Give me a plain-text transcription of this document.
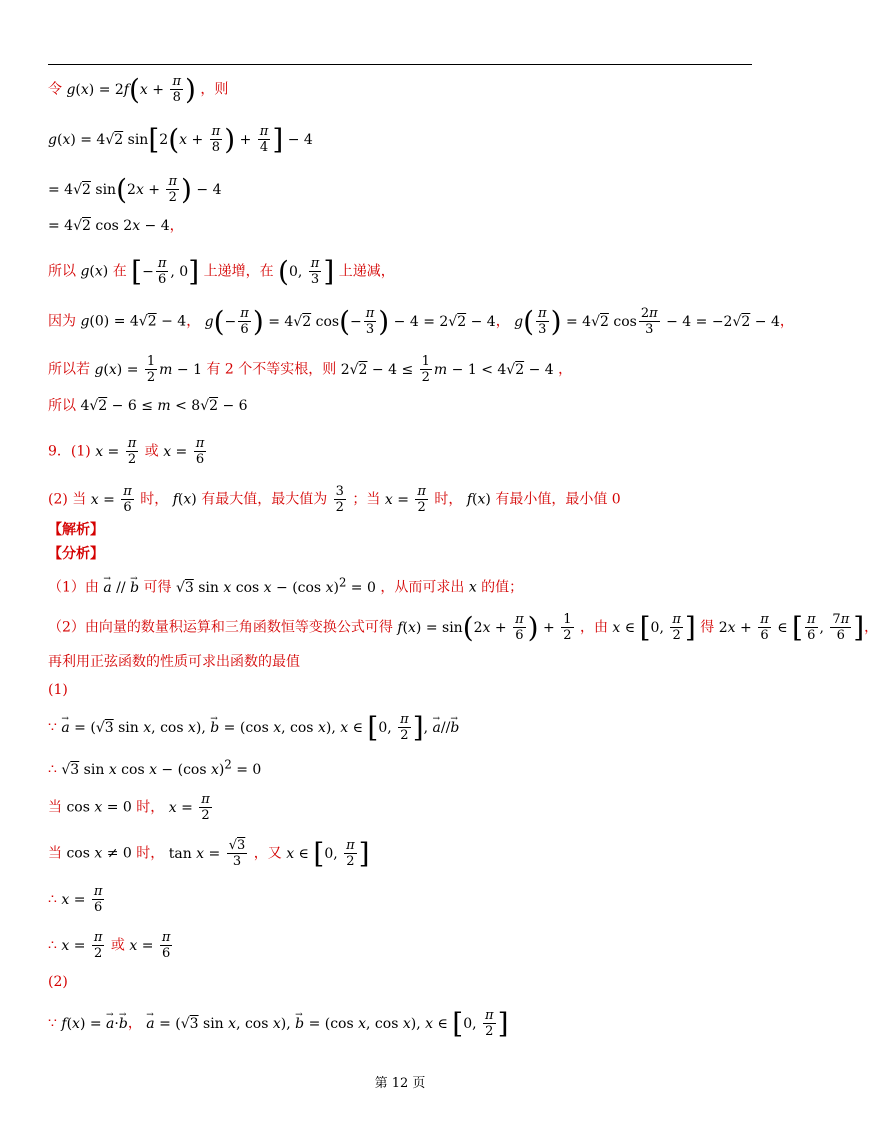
令 $g(x) = 2f(x + \frac{\pi}{8}$ ) ，则
g(x) = 4√2 $\sin[2(x + \frac{\pi}{8}$ ) + $\frac{\pi}{4}$ ] − 4
= 4√2 $\sin(2x + \frac{\pi}{2}$ ) − 4
= 4√2 cos 2x − 4，
所以 g(x) 在 [− $\frac{\pi}{6}$ , 0] 上递增，在 (0, $\frac{\pi}{3}$ ] 上递减，
因为 g(0) = 4√2 − 4， $g(- \frac{\pi}{6}$ ) = 4√2 $\cos(- \frac{\pi}{3}$ ) − 4 = 2√2 − 4， $g( \frac{\pi}{3}$ ) = 4√2 $\cos \frac{2\pi}{3} - 4 = -2√2 - 4$，
所以若 $g(x) = \frac{1}{2}$ m − 1 有 2 个不等实根，则 $2√2 - 4 \le \frac{1}{2}$ m − 1 < 4√2 − 4 ，
所以 4√2 − 6 ≤ m < 8√2 − 6
9．(1) $x = \frac{\pi}{2}$ 或 $x = \frac{\pi}{6}$
(2) 当 $x = \frac{\pi}{6}$ 时， f(x) 有最大值，最大值为 $\frac{3}{2}$ ；当 $x = \frac{\pi}{2}$ 时， f(x) 有最小值，最小值 0
【解析】
【分析】
（1）由 → a // → b 可得 √3 sin x cos x − (cos x)$^2$ = 0 ，从而可求出 x 的值；
（2）由向量的数量积运算和三角函数恒等变换公式可得 $f(x) = \sin(2x + \frac{\pi}{6}$ ) + $\frac{1}{2}$ ，由 x ∈ [0, $\frac{\pi}{2}$ ] 得 $2x + \frac{\pi}{6}$ ∈ [ $\frac{\pi}{6}$ , $\frac{7\pi}{6}$ ]，
再利用正弦函数的性质可求出函数的最值
(1)
∵ → a = (√3 sin x, cos x), → b = (cos x, cos x), x ∈ [0, $\frac{\pi}{2}$ ], → a//→ b
∴ √3 sin x cos x − (cos x)$^2$ = 0
当 cos x = 0 时， $x = \frac{\pi}{2}$
当 cos x ≠ 0 时， $\tan x = \frac{√3}{3}$ ，又 x ∈ [0, $\frac{\pi}{2}$ ]
∴ $x = \frac{\pi}{6}$
∴ $x = \frac{\pi}{2}$ 或 $x = \frac{\pi}{6}$
(2)
∵ f(x) = → a·→ b， → a = (√3 sin x, cos x), → b = (cos x, cos x), x ∈ [0, $\frac{\pi}{2}$ ]
第 12 页
